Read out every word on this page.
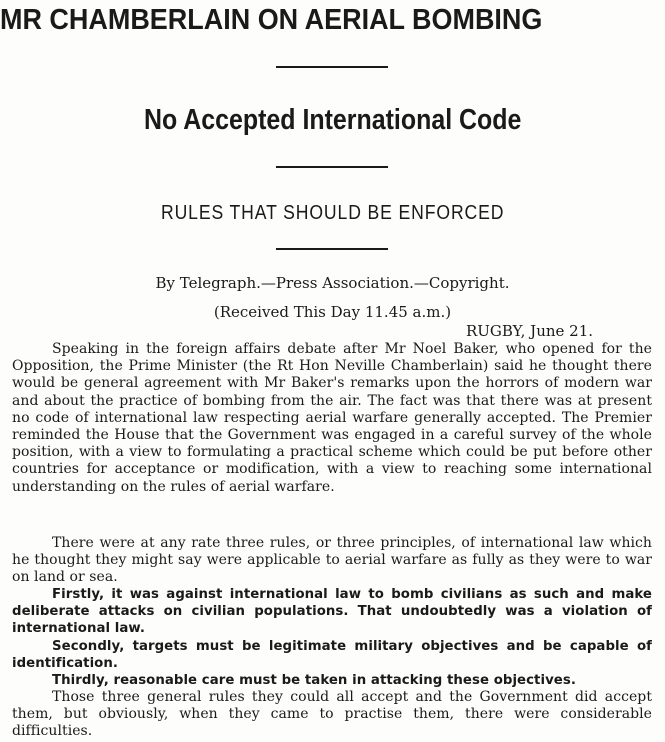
MR CHAMBERLAIN ON AERIAL BOMBING
No Accepted International Code
RULES THAT SHOULD BE ENFORCED
By Telegraph.—Press Association.—Copyright.
(Received This Day 11.45 a.m.)
RUGBY, June 21.
Speaking in the foreign affairs debate after Mr Noel Baker, who opened for the Opposition, the Prime Minister (the Rt Hon Neville Chamberlain) said he thought there would be general agreement with Mr Baker's remarks upon the horrors of modern war and about the practice of bombing from the air. The fact was that there was at present no code of international law respecting aerial warfare generally accepted. The Premier reminded the House that the Government was engaged in a careful survey of the whole position, with a view to formulating a practical scheme which could be put before other countries for acceptance or modification, with a view to reaching some international understanding on the rules of aerial warfare.
There were at any rate three rules, or three principles, of international law which he thought they might say were applicable to aerial warfare as fully as they were to war on land or sea.
Firstly, it was against international law to bomb civilians as such and make deliberate attacks on civilian populations. That undoubtedly was a violation of international law.
Secondly, targets must be legitimate military objectives and be capable of identification.
Thirdly, reasonable care must be taken in attacking these objectives.
Those three general rules they could all accept and the Government did accept them, but obviously, when they came to practise them, there were considerable difficulties.
